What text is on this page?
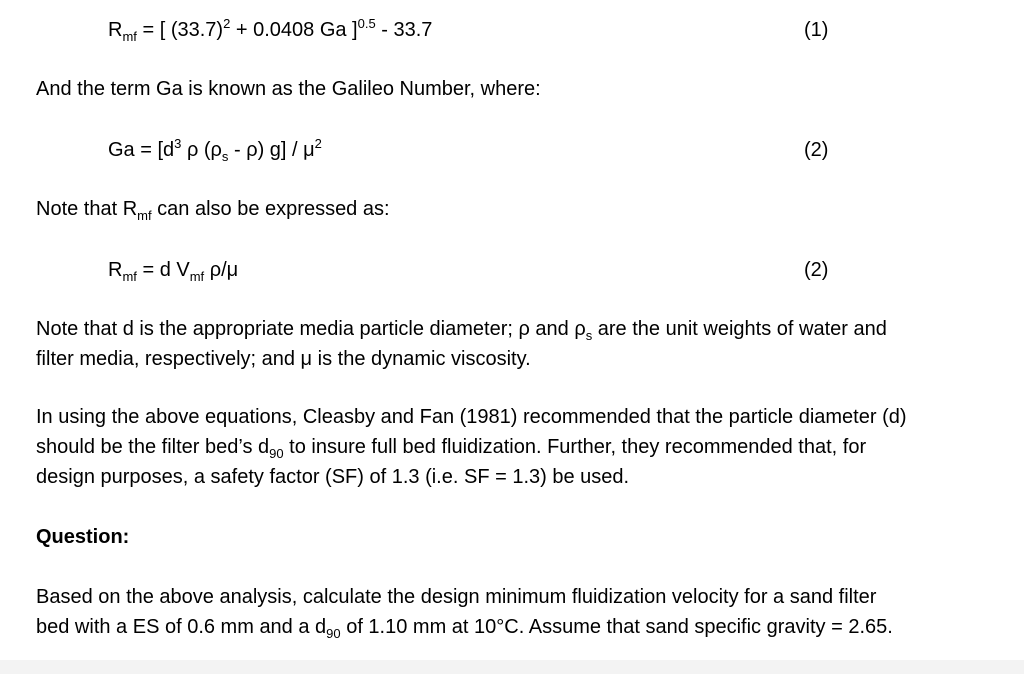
$R_{mf}$ = [ $(33.7)^2 + 0.0408$ Ga ]$^{0.5}$ - 33.7	(1)
And the term Ga is known as the Galileo Number, where:
$Ga = [d^3$ ρ $(\rho_s - \rho)$ $g] / \mu^2$	(2)
Note that $R_{mf}$ can also be expressed as:
$R_{mf} = d$ $V_{mf}$ ρ/μ	(2)
Note that d is the appropriate media particle diameter; ρ and $\rho_s$ are the unit weights of water and
filter media, respectively; and μ is the dynamic viscosity.
In using the above equations, Cleasby and Fan (1981) recommended that the particle diameter (d)
should be the filter bed’s $d_{90}$ to insure full bed fluidization. Further, they recommended that, for
design purposes, a safety factor (SF) of 1.3 (i.e. SF = 1.3) be used.
Question:
Based on the above analysis, calculate the design minimum fluidization velocity for a sand filter
bed with a ES of 0.6 mm and a $d_{90}$ of 1.10 mm at 10°C. Assume that sand specific gravity = 2.65.
